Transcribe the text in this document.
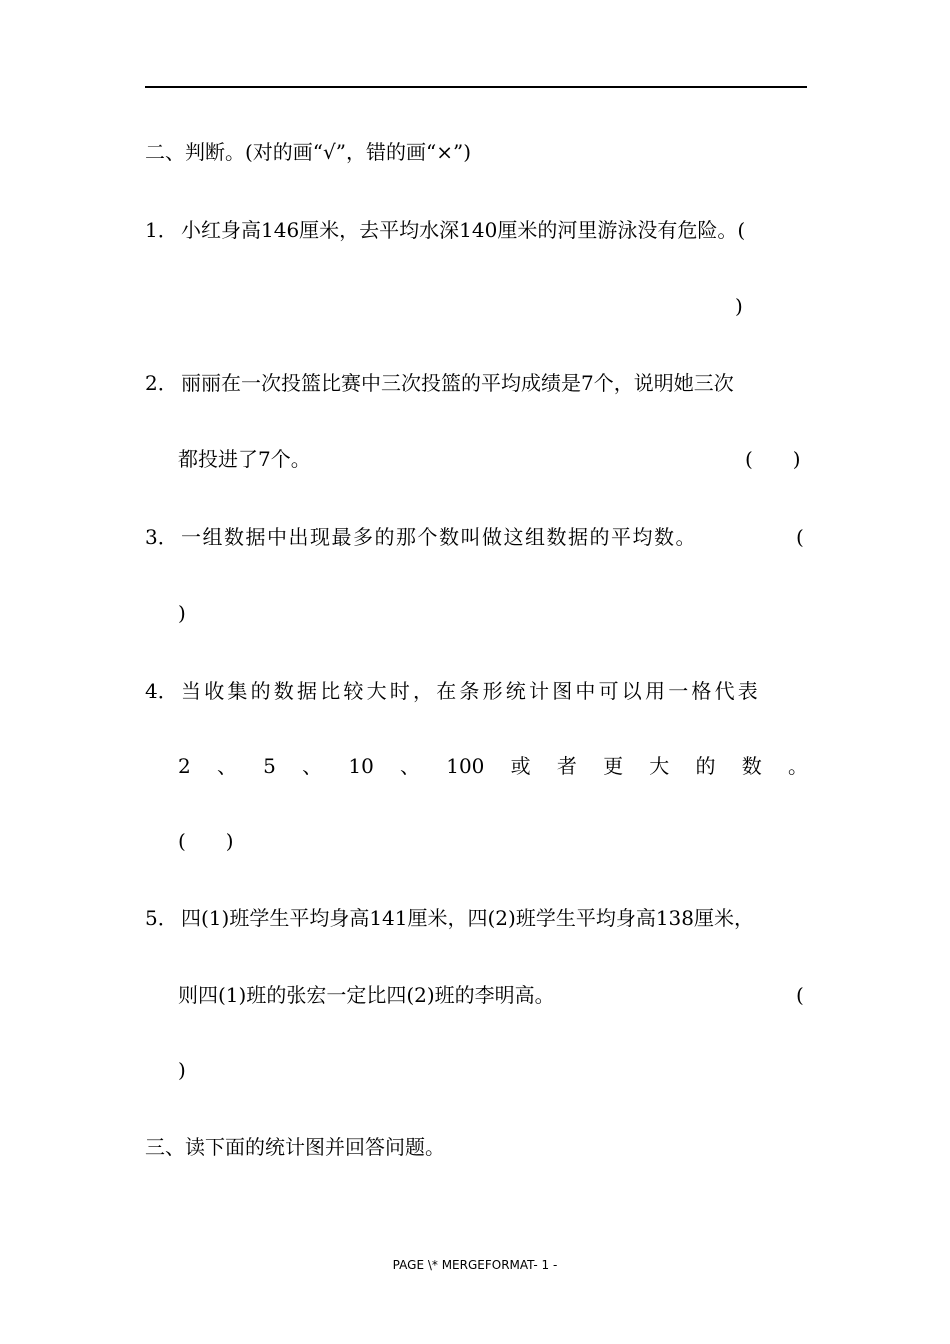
二、判断。(对的画“√”，错的画“×”)
1． 小红身高146厘米，去平均水深140厘米的河里游泳没有危险。(
)
2． 丽丽在一次投篮比赛中三次投篮的平均成绩是7个，说明她三次
都投进了7个。	(　　)
3． 一组数据中出现最多的那个数叫做这组数据的平均数。	(
)
4． 当收集的数据比较大时，在条形统计图中可以用一格代表
2 、 5 、 10 、 100 或 者 更 大 的 数 。
(　　)
5． 四(1)班学生平均身高141厘米，四(2)班学生平均身高138厘米，
则四(1)班的张宏一定比四(2)班的李明高。	(
)
三、读下面的统计图并回答问题。
PAGE \* MERGEFORMAT- 1 -
